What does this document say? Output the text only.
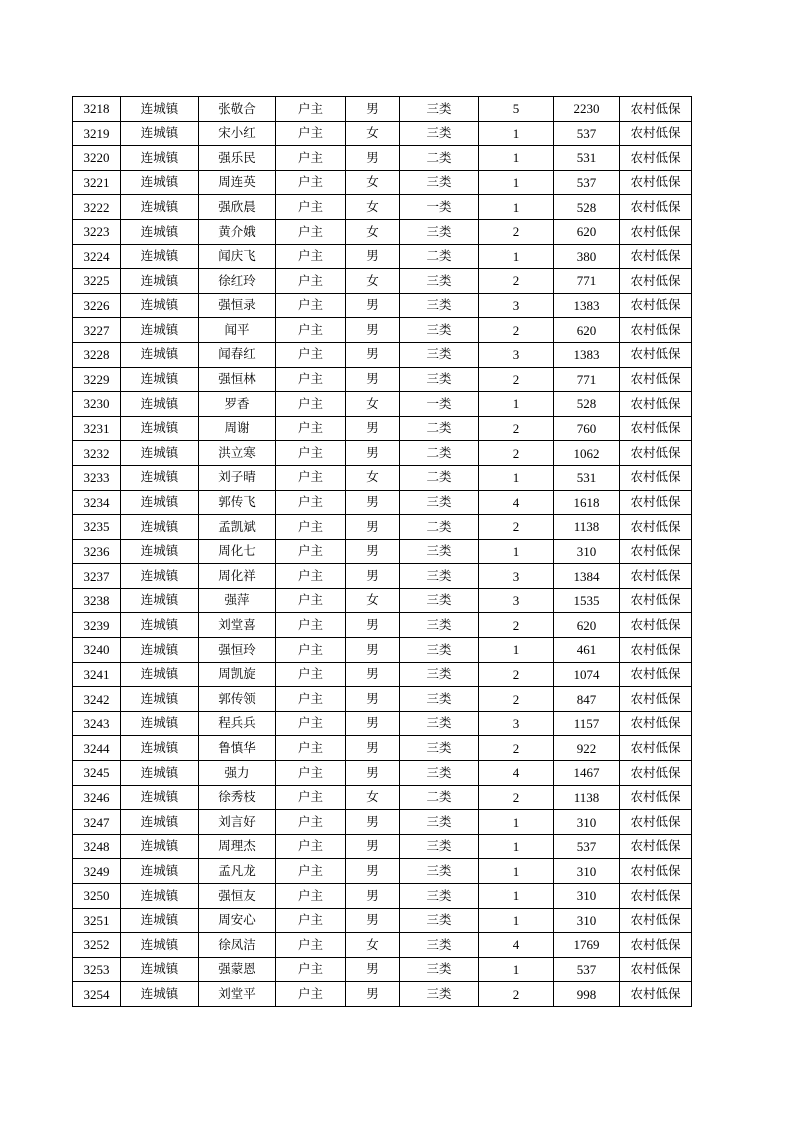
3218	连城镇	张敬合	户主	男	三类	5	2230	农村低保
3219	连城镇	宋小红	户主	女	三类	1	537	农村低保
3220	连城镇	强乐民	户主	男	二类	1	531	农村低保
3221	连城镇	周连英	户主	女	三类	1	537	农村低保
3222	连城镇	强欣晨	户主	女	一类	1	528	农村低保
3223	连城镇	黄介娥	户主	女	三类	2	620	农村低保
3224	连城镇	闻庆飞	户主	男	二类	1	380	农村低保
3225	连城镇	徐红玲	户主	女	三类	2	771	农村低保
3226	连城镇	强恒录	户主	男	三类	3	1383	农村低保
3227	连城镇	闻平	户主	男	三类	2	620	农村低保
3228	连城镇	闻春红	户主	男	三类	3	1383	农村低保
3229	连城镇	强恒林	户主	男	三类	2	771	农村低保
3230	连城镇	罗香	户主	女	一类	1	528	农村低保
3231	连城镇	周谢	户主	男	二类	2	760	农村低保
3232	连城镇	洪立寒	户主	男	二类	2	1062	农村低保
3233	连城镇	刘子晴	户主	女	二类	1	531	农村低保
3234	连城镇	郭传飞	户主	男	三类	4	1618	农村低保
3235	连城镇	孟凯斌	户主	男	二类	2	1138	农村低保
3236	连城镇	周化七	户主	男	三类	1	310	农村低保
3237	连城镇	周化祥	户主	男	三类	3	1384	农村低保
3238	连城镇	强萍	户主	女	三类	3	1535	农村低保
3239	连城镇	刘堂喜	户主	男	三类	2	620	农村低保
3240	连城镇	强恒玲	户主	男	三类	1	461	农村低保
3241	连城镇	周凯旋	户主	男	三类	2	1074	农村低保
3242	连城镇	郭传领	户主	男	三类	2	847	农村低保
3243	连城镇	程兵兵	户主	男	三类	3	1157	农村低保
3244	连城镇	鲁慎华	户主	男	三类	2	922	农村低保
3245	连城镇	强力	户主	男	三类	4	1467	农村低保
3246	连城镇	徐秀枝	户主	女	二类	2	1138	农村低保
3247	连城镇	刘言好	户主	男	三类	1	310	农村低保
3248	连城镇	周理杰	户主	男	三类	1	537	农村低保
3249	连城镇	孟凡龙	户主	男	三类	1	310	农村低保
3250	连城镇	强恒友	户主	男	三类	1	310	农村低保
3251	连城镇	周安心	户主	男	三类	1	310	农村低保
3252	连城镇	徐凤洁	户主	女	三类	4	1769	农村低保
3253	连城镇	强蒙恩	户主	男	三类	1	537	农村低保
3254	连城镇	刘堂平	户主	男	三类	2	998	农村低保
